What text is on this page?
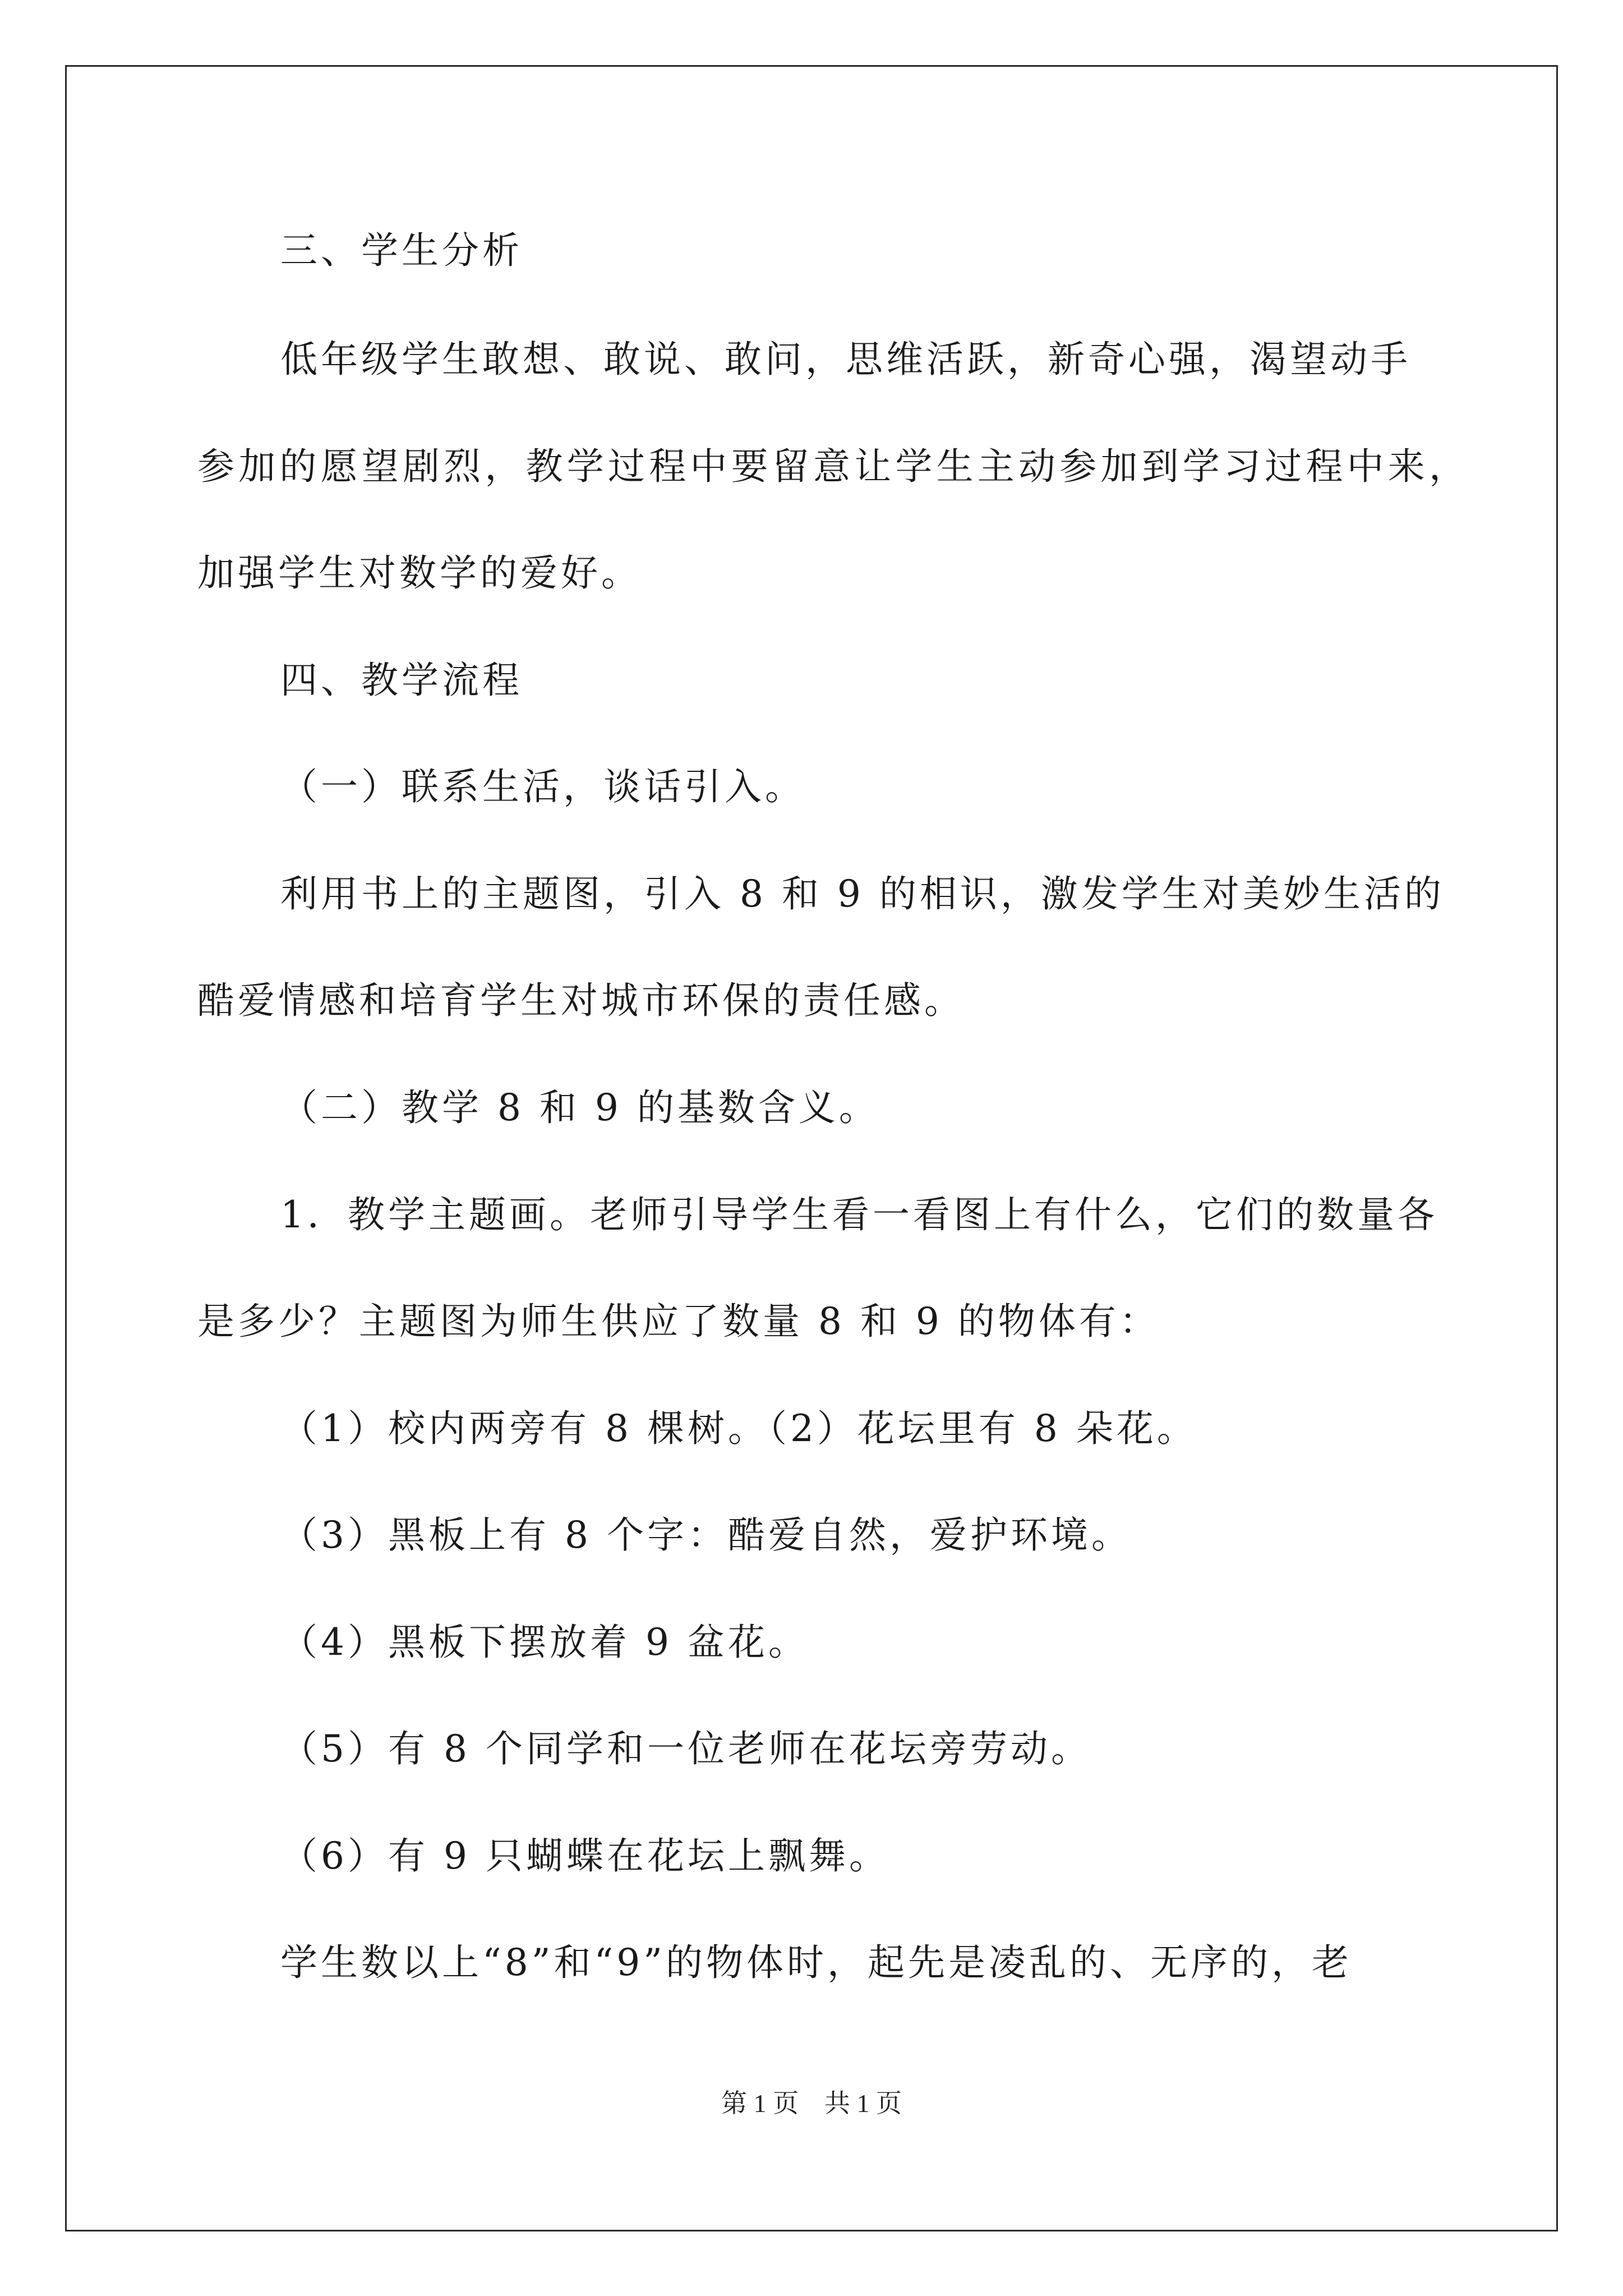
三、学生分析
低年级学生敢想、敢说、敢问，思维活跃，新奇心强，渴望动手
参加的愿望剧烈，教学过程中要留意让学生主动参加到学习过程中来，
加强学生对数学的爱好。
四、教学流程
（一）联系生活，谈话引入。
利用书上的主题图，引入 8 和 9 的相识，激发学生对美妙生活的
酷爱情感和培育学生对城市环保的责任感。
（二）教学 8 和 9 的基数含义。
1．教学主题画。老师引导学生看一看图上有什么，它们的数量各
是多少？主题图为师生供应了数量 8 和 9 的物体有：
（1）校内两旁有 8 棵树。（2）花坛里有 8 朵花。
（3）黑板上有 8 个字：酷爱自然，爱护环境。
（4）黑板下摆放着 9 盆花。
（5）有 8 个同学和一位老师在花坛旁劳动。
（6）有 9 只蝴蝶在花坛上飘舞。
学生数以上“8”和“9”的物体时，起先是凌乱的、无序的，老
第 1 页　共 1 页
